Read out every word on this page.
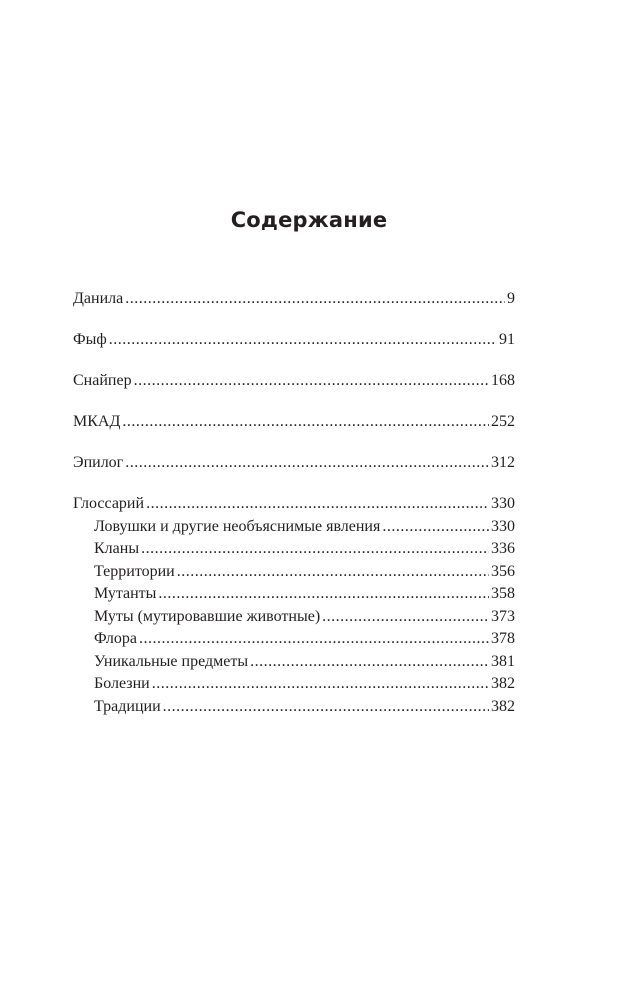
Содержание
Данила .....	9
Фыф .....	91
Снайпер .....	168
МКАД .....	252
Эпилог .....	312
Глоссарий .....	330
Ловушки и другие необъяснимые явления .....	330
Кланы .....	336
Территории .....	356
Мутанты .....	358
Муты (мутировавшие животные) .....	373
Флора .....	378
Уникальные предметы .....	381
Болезни .....	382
Традиции .....	382
